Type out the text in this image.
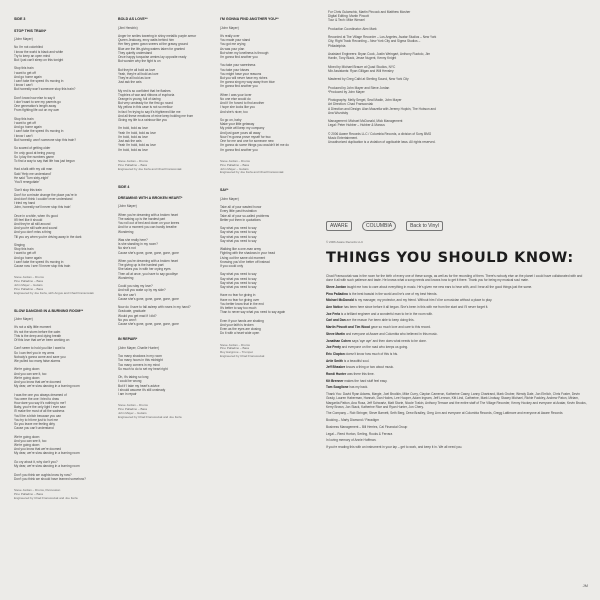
SIDE 3

STOP THIS TRAIN*

(John Mayer)

No I'm not colorblind
I know the world is black and white
Try to keep an open mind
But I just can't sleep on this tonight

Stop this train
I want to get off
And go home again
I can't take the speed it's moving in
I know I can't
But honestly won't someone stop this train?

Don't know how else to say it
I don't want to see my parents go
One generation's length away
From fighting life out on my own

Stop this train
I want to get off
And go home again
I can't take the speed it's moving in
I know I can't
But honestly, won't someone stop this train?

So scared of getting older
I'm only good at being young
So I play the numbers game
To find a way to say that life has just begun

Had a talk with my old man
Said 'Help me understand'
He said 'Turn sixty-eight'
'You'll renegotiate'

'Don't stop this train
Don't for a minute change the place you're in
And don't think I couldn't ever understand
I tried my hand
John, honestly we'll never stop this train'

Once in a while, when it's good
It'll feel like it should
And they're all still around
And you're still safe and sound
And you don't miss a thing
Till you cry when you're driving away in the dark

Singing
Stop this train
I want to get off
And go home again
I can't take the speed it's moving in
Cause now I see I'll never stop this train

Steve Jordan – Drums
Pino Palladino – Bass
John Mayer – Guitars
Pino Palladino – Bass
Engineered by Joe Ferla, with Angus and Chad Franscoviak

SLOW DANCING IN A BURNING ROOM**

(John Mayer)

It's not a silly little moment
It's not the storm before the calm
This is the deep and dying breath
Of this love that we've been working on

Can't seem to hold you like I want to
So I can feel you in my arms
Nobody's gonna come and save you
We pulled too many false alarms

We're going down
And you can see it, too
We're going down
And you know that we're doomed
My dear, we're slow dancing in a burning room

I was the one you always dreamed of
You were the one I tried to draw
How dare you say it's nothing to me?
Baby, you're the only light I ever saw
I'll make the most of all the sadness
You'll be a bitch because you can
You try to hit me just to hurt me
So you leave me feeling dirty
Cause you can't understand

We're going down
And you can see it, too
We're going down
And you know that we're doomed
My dear, we're slow dancing in a burning room

Go cry about it, why don't you?
My dear, we're slow dancing in a burning room

Don't you think we oughta know by now?
Don't you think we should have learned somehow?

Steve Jordan – Drums, Percussion
Pino Palladino – Bass
Engineered by Chad Franscoviak and Joe Ferla

BOLD AS LOVE**

(Jimi Hendrix)

Anger he smiles towering in shiny metallic purple armor
Queen Jealousy, envy waits behind him
Her fiery green gown sneers at the grassy ground
Blue are the life-giving waters taken for granted
They quietly understand
Once happy turquoise armies lay opposite ready
But wonder why the fight is on

But they're all bold as love
Yeah, they're all bold as love
They're all bold as love
Just ask the axis

My red is so confident that he flashes
Trophies of war and ribbons of euphoria
Orange is young, full of daring
But very unsteady for the first go round
My yellow in this case is not so mellow
In fact I'm trying to say it's frightened like me
And all these emotions of mine keep holding me from
Giving my life to a rainbow like you

I'm bold, bold as love
Yeah I'm bold, bold as love
I'm bold, bold as love
Just ask the axis
Yeah I'm bold, bold as love
I'm bold, bold as love

Steve Jordan – Drums
Pino Palladino – Bass
Engineered by Joe Ferla and Chad Franscoviak

SIDE 4

DREAMING WITH A BROKEN HEART*

(John Mayer)

When you're dreaming with a broken heart
The waking up is the hardest part
You roll out of bed and down on your knees
And for a moment you can hardly breathe
Wondering

Was she really here?
Is she standing in my room?
No she's not
Cause she's gone, gone, gone, gone, gone

When you're dreaming with a broken heart
The giving up is the hardest part
She takes you in with her crying eyes
Then all at once, you have to say goodbye
Wondering

Could you stay my love?
And will you wake up by my side?
No she can't
Cause she's gone, gone, gone, gone, gone

Now do I have to fall asleep with roses in my hand?
Graduate, graduate
Would you get mad if I did?
No you won't
Cause she's gone, gone, gone, gone, gone

IN REPAIR*

(John Mayer, Charlie Hunter)

Too many shadows in my room
Too many hours in this midnight
Too many corners in my mind
So much to do to set my heart right

Oh, it's taking so long
I could be wrong
But if I take my heart's advice
I should assume it's still unsteady
I am in repair

Steve Jordan – Drums
Pino Palladino – Bass
John Mayer – Guitars
Engineered by Chad Franscoviak and Joe Ferla

I'M GONNA FIND ANOTHER YOU**

(John Mayer)

It's really over
You made your stand
You got me crying
As was your plan
But when my loneliness is through
I'm gonna find another you

You take your sweetness
You take your kisses
You might have your reasons
But you will never have my riches
I'm gonna sing my way away from blue
I'm gonna find another you

When I was your lover
No one else would do
And if I'm forced to find another
I hope she looks like you
And she's nicer, too

So go on, baby
Make your little getaway
My pride will keep my company
And just gave yours all away
Now I'm gonna prove myself for two
One for me and one for someone new
I'm gonna do some things you wouldn't let me do
I'm gonna find another you

Steve Jordan – Drums
Pino Palladino – Bass
John Mayer – Guitars
Engineered by Joe Ferla and Chad Franscoviak

SAY*

(John Mayer)

Take all of your wasted honor
Every little past frustration
Take all of your so-called problems
Better put them in quotations

Say what you need to say
Say what you need to say
Say what you need to say
Say what you need to say

Walking like a one-man army
Fighting with the shadows in your head
Living out the same old moment
Knowing you'd be better off instead
If you could only

Say what you need to say
Say what you need to say
Say what you need to say
Say what you need to say

Have no fear for giving in
Have no fear for giving over
You better know that in the end
It's better to say too much
Than to never say what you need to say again

Even if your hands are shaking
And your faith is broken
Even as the eyes are closing
Do it with a heart wide open

Steve Jordan – Drums
Pino Palladino – Bass
Roy Hargrove – Trumpet
Engineered by Chad Franscoviak

For Chris Gulamchic, Martin Pincock and Matthew Mosher
Digital Editing: Martin Pincott
Tour & Tech: Mike Wenzel

Production Coordinator: Alex Mark

Recorded at The Village Recorder – Los Angeles, Avatar Studios – New York City, Right Track Recording – New York City and Sigma Studios – Philadelphia

Assistant Engineers: Bryan Cook, Justin Weingart, Anthony Ruotolo, Jim Hanlin, Tony Black, Jesse Nugent, Kenny Knight

Mixed by Michael Brauer at Quad Studios, NYC
Mix Assistants: Ryan Gilligan and Will Hensley

Mastered by Greg Calbi at Sterling Sound, New York City

Produced by John Mayer and Steve Jordan
*Produced by John Mayer

Photography: Melly Sergei, Seal Madin, John Mayer
Art Direction: Chad Franscoviak
A Direction and Design: Alan Mazzella with Jeremy Hopkin, The Hobson and Ana Wozolsky

Management: Michael McDonald, Mick Management
Legal: Peter Hubber – Hubber & Marcus

© 2006 Aware Records LLC / Columbia Records, a division of Sony BMG Music Entertainment.
Unauthorized duplication is a violation of applicable laws. All rights reserved.
AWARE	COLUMBIA	Back to Vinyl
© 2006 Aware Records LLC
THINGS YOU SHOULD KNOW:

Chad Franscoviak was in the room for the birth of every one of these songs, as well as for the recording of them. There's nobody else on the planet I could have collaborated with and done it all with such patience and taste. He knows what a song needs and knows how to get it there. Thank you for being my musical soul mate.

Steve Jordan taught me how to care about everything in music. He's given me new ears to hear with, and I hear all the good things just the same.

Pino Palladino is the best bassist in the world and he's one of my best friends.

Michael McDonald is my manager, my protector, and my friend. Without him I'd be a musician without a place to play.

Ann Notice has been here since before it all began. She's been in this with me from the start and I'll never forget it.

Joe Ferla is a brilliant engineer and a wonderful man to be in the room with.

Carl and Dan are the reason I've been able to keep doing this.

Martin Pincott and Tim Wood gave so much love and care to this record.

Steve Martin and everyone at Aware and Columbia who believed in this music.

Jonathan Cohen says 'aye aye' and then does what needs to be done.

Joe Fenty and everyone on the road who keeps us going.

Eric Clapton doesn't know how much of this is his.

Artie Smith is a beautiful soul.

Jeff Bhasker knows a thing or two about music.

Rondi Hunter was there this time.

Kit Brenner makes the hard stuff feel easy.

Tom Scaglione has my back.

Thank You: David Ryan Adams, Margie, Joel Brodkin, Mike Curry, Clayton Cameron, Katherine Casey, Lanny Chartrand, Mark Gruber, Wendy Dale, Jon Ehrlich, Chris Foster, Devin Grady, Lauren Haberman, Hannah, Dan Hodes, Lee Hooper, Adam Ingram, Jeff Lennon, Kitt Lind, Catherine, Mark Lindsay, Stacey Michael, Richie Fackley, Andrew Paton, Miriam, Margarita Patton, Ana Rosa, Jeff Schwartz, Matt Storie, Nicole Trakin, Anthony Terrace and the entire staff of The Village Recorder, Kenny Hockey and everyone at Avatar, Kevin Brooks, Kerry Brown, Jon Stack, Katherine Rice and Ryan Hunter, Jon Chery.

The Company – Rob Stringer, Steve Barnett, Seth Berg, Drew Bradley, Greg Linn and everyone at Columbia Records, Gregg Lattimore and everyone at Aware Records

Booking – Marty Diamond / Paradigm

Business Management – Bill Herries, Cal Financial Group

Legal – Reed Horton, Serling, Rooks & Ferrara

In loving memory of Annie Hoffman.

If you're reading this with an instrument in your lap – get to work, and keep it in. We all need you.

JM
